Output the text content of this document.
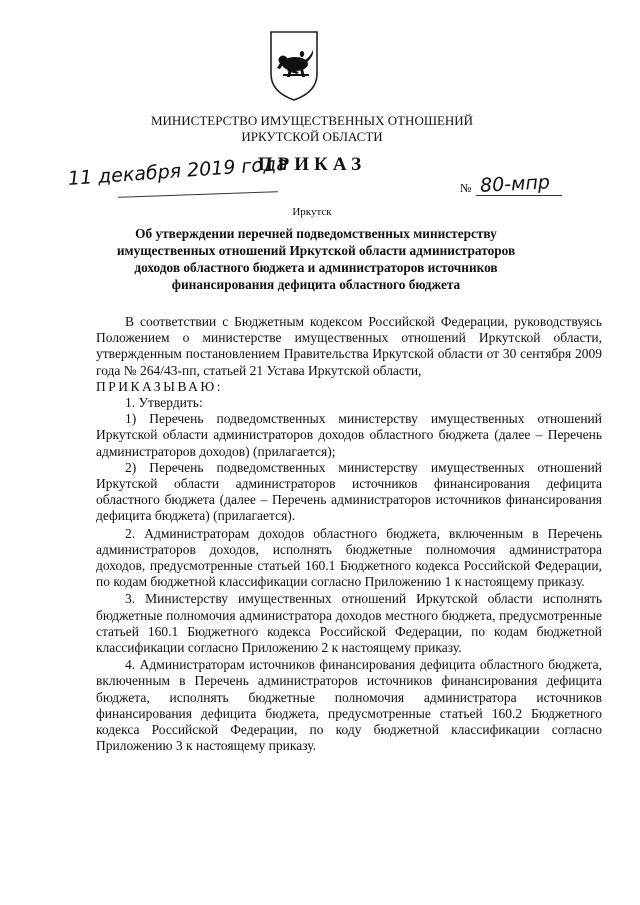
МИНИСТЕРСТВО ИМУЩЕСТВЕННЫХ ОТНОШЕНИЙ
ИРКУТСКОЙ ОБЛАСТИ
ПРИКАЗ
11 декабря 2019 года	№ 80-мпр
Иркутск
Об утверждении перечней подведомственных министерству имущественных отношений Иркутской области администраторов доходов областного бюджета и администраторов источников финансирования дефицита областного бюджета

В соответствии с Бюджетным кодексом Российской Федерации, руководствуясь Положением о министерстве имущественных отношений Иркутской области, утвержденным постановлением Правительства Иркутской области от 30 сентября 2009 года № 264/43-пп, статьей 21 Устава Иркутской области,

ПРИКАЗЫВАЮ:

1. Утвердить:

1) Перечень подведомственных министерству имущественных отношений Иркутской области администраторов доходов областного бюджета (далее – Перечень администраторов доходов) (прилагается);

2) Перечень подведомственных министерству имущественных отношений Иркутской области администраторов источников финансирования дефицита областного бюджета (далее – Перечень администраторов источников финансирования дефицита бюджета) (прилагается).

2. Администраторам доходов областного бюджета, включенным в Перечень администраторов доходов, исполнять бюджетные полномочия администратора доходов, предусмотренные статьей 160.1 Бюджетного кодекса Российской Федерации, по кодам бюджетной классификации согласно Приложению 1 к настоящему приказу.

3. Министерству имущественных отношений Иркутской области исполнять бюджетные полномочия администратора доходов местного бюджета, предусмотренные статьей 160.1 Бюджетного кодекса Российской Федерации, по кодам бюджетной классификации согласно Приложению 2 к настоящему приказу.

4. Администраторам источников финансирования дефицита областного бюджета, включенным в Перечень администраторов источников финансирования дефицита бюджета, исполнять бюджетные полномочия администратора источников финансирования дефицита бюджета, предусмотренные статьей 160.2 Бюджетного кодекса Российской Федерации, по коду бюджетной классификации согласно Приложению 3 к настоящему приказу.
